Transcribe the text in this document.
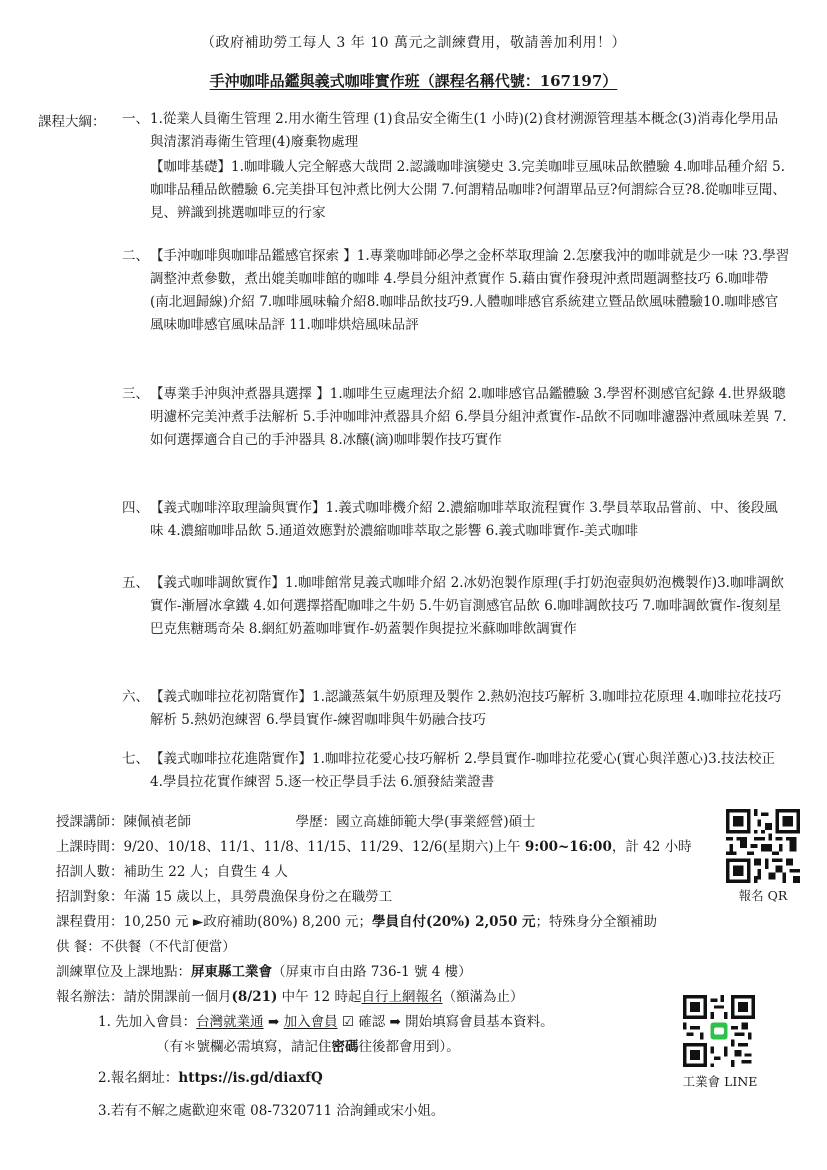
（政府補助勞工每人 3 年 10 萬元之訓練費用，敬請善加利用！）
手沖咖啡品鑑與義式咖啡實作班（課程名稱代號：167197）
課程大綱： 一、 1.從業人員衛生管理 2.用水衛生管理 (1)食品安全衛生(1 小時)(2)食材溯源管理基本概念(3)消毒化學用品與清潔消毒衛生管理(4)廢棄物處理
【咖啡基礎】1.咖啡職人完全解惑大哉問 2.認識咖啡演變史 3.完美咖啡豆風味品飲體驗 4.咖啡品種介紹 5.咖啡品種品飲體驗 6.完美掛耳包沖煮比例大公開 7.何謂精品咖啡?何謂單品豆?何謂綜合豆?8.從咖啡豆聞、見、辨識到挑選咖啡豆的行家
二、 【手沖咖啡與咖啡品鑑感官探索 】1.專業咖啡師必學之金杯萃取理論 2.怎麼我沖的咖啡就是少一味 ?3.學習調整沖煮參數，煮出媲美咖啡館的咖啡 4.學員分組沖煮實作 5.藉由實作發現沖煮問題調整技巧 6.咖啡帶 (南北迴歸線)介紹 7.咖啡風味輪介紹8.咖啡品飲技巧9.人體咖啡感官系統建立暨品飲風味體驗10.咖啡感官風味咖啡感官風味品評 11.咖啡烘焙風味品評
三、 【專業手沖與沖煮器具選擇 】1.咖啡生豆處理法介紹 2.咖啡感官品鑑體驗 3.學習杯測感官紀錄 4.世界級聰明濾杯完美沖煮手法解析 5.手沖咖啡沖煮器具介紹 6.學員分組沖煮實作-品飲不同咖啡濾器沖煮風味差異 7.如何選擇適合自己的手沖器具 8.冰釀(滴)咖啡製作技巧實作
四、 【義式咖啡淬取理論與實作】1.義式咖啡機介紹 2.濃縮咖啡萃取流程實作 3.學員萃取品嘗前、中、後段風味 4.濃縮咖啡品飲 5.通道效應對於濃縮咖啡萃取之影響 6.義式咖啡實作-美式咖啡
五、 【義式咖啡調飲實作】1.咖啡館常見義式咖啡介紹 2.冰奶泡製作原理(手打奶泡壺與奶泡機製作)3.咖啡調飲實作-漸層冰拿鐵 4.如何選擇搭配咖啡之牛奶 5.牛奶盲測感官品飲 6.咖啡調飲技巧 7.咖啡調飲實作-復刻星巴克焦糖瑪奇朵 8.網紅奶蓋咖啡實作-奶蓋製作與提拉米蘇咖啡飲調實作
六、 【義式咖啡拉花初階實作】1.認識蒸氣牛奶原理及製作 2.熱奶泡技巧解析 3.咖啡拉花原理 4.咖啡拉花技巧解析 5.熱奶泡練習 6.學員實作-練習咖啡與牛奶融合技巧
七、 【義式咖啡拉花進階實作】1.咖啡拉花愛心技巧解析 2.學員實作-咖啡拉花愛心(實心與洋蔥心)3.技法校正 4.學員拉花實作練習 5.逐一校正學員手法 6.頒發結業證書
授課講師：陳佩禎老師	學歷：國立高雄師範大學(事業經營)碩士
上課時間：9/20、10/18、11/1、11/8、11/15、11/29、12/6(星期六)上午 9:00~16:00，計 42 小時
招訓人數：補助生 22 人；自費生 4 人
招訓對象：年滿 15 歲以上，具勞農漁保身份之在職勞工
課程費用：10,250 元 ►政府補助(80%) 8,200 元；學員自付(20%) 2,050 元；特殊身分全額補助
供 餐：不供餐（不代訂便當）
訓練單位及上課地點：屏東縣工業會（屏東市自由路 736-1 號 4 樓）
報名辦法：請於開課前一個月(8/21) 中午 12 時起自行上網報名（額滿為止）
1. 先加入會員：台灣就業通 ➡ 加入會員 ☑ 確認 ➡ 開始填寫會員基本資料。
（有＊號欄必需填寫，請記住密碼往後都會用到）。
2.報名網址：https://is.gd/diaxfQ
3.若有不解之處歡迎來電 08-7320711 洽詢鍾或宋小姐。
報名 QR
工業會 LINE
